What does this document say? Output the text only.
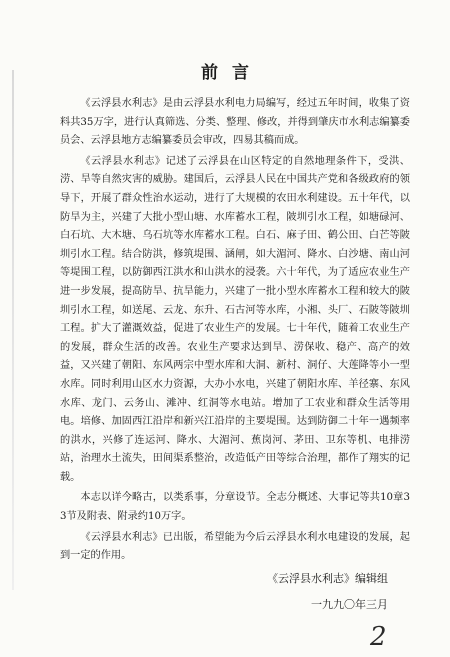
前言

《云浮县水利志》是由云浮县水利电力局编写，经过五年时间，收集了资料共35万字，进行认真筛选、分类、整理、修改，并得到肇庆市水利志编纂委员会、云浮县地方志编纂委员会审改，四易其稿而成。

《云浮县水利志》记述了云浮县在山区特定的自然地理条件下，受洪、涝、旱等自然灾害的威胁。建国后，云浮县人民在中国共产党和各级政府的领导下，开展了群众性治水运动，进行了大规模的农田水利建设。五十年代，以防旱为主，兴建了大批小型山塘、水库蓄水工程，陂圳引水工程，如塘碌河、白石坑、大木塘、乌石坑等水库蓄水工程。白石、麻子田、鹤公田、白芒等陂圳引水工程。结合防洪，修筑堤围、涵闸，如大湄河、降水、白沙塘、南山河等堤围工程，以防御西江洪水和山洪水的浸袭。六十年代，为了适应农业生产进一步发展，提高防旱、抗旱能力，兴建了一批小型水库蓄水工程和较大的陂圳引水工程，如送尾、云龙、东升、石古河等水库，小湘、头厂、石陂等陂圳工程。扩大了灌溉效益，促进了农业生产的发展。七十年代，随着工农业生产的发展，群众生活的改善。农业生产要求达到旱、涝保收、稳产、高产的效益，又兴建了朝阳、东风两宗中型水库和大洞、新村、洞仔、大莲降等小一型水库。同时利用山区水力资源，大办小水电，兴建了朝阳水库、羊径寨、东风水库、龙门、云务山、滩冲、红洞等水电站。增加了工农业和群众生活等用电。培修、加固西江沿岸和新兴江沿岸的主要堤围。达到防御二十年一遇频率的洪水，兴修了连运河、降水、大湄河、蕉岗河、茅田、卫东等机、电排涝站，治理水土流失，田间渠系整治，改造低产田等综合治理，都作了翔实的记载。

本志以详今略古，以类系事，分章设节。全志分概述、大事记等共10章33节及附表、附录约10万字。

《云浮县水利志》已出版，希望能为今后云浮县水利水电建设的发展，起到一定的作用。

《云浮县水利志》编辑组
一九九〇年三月
2
